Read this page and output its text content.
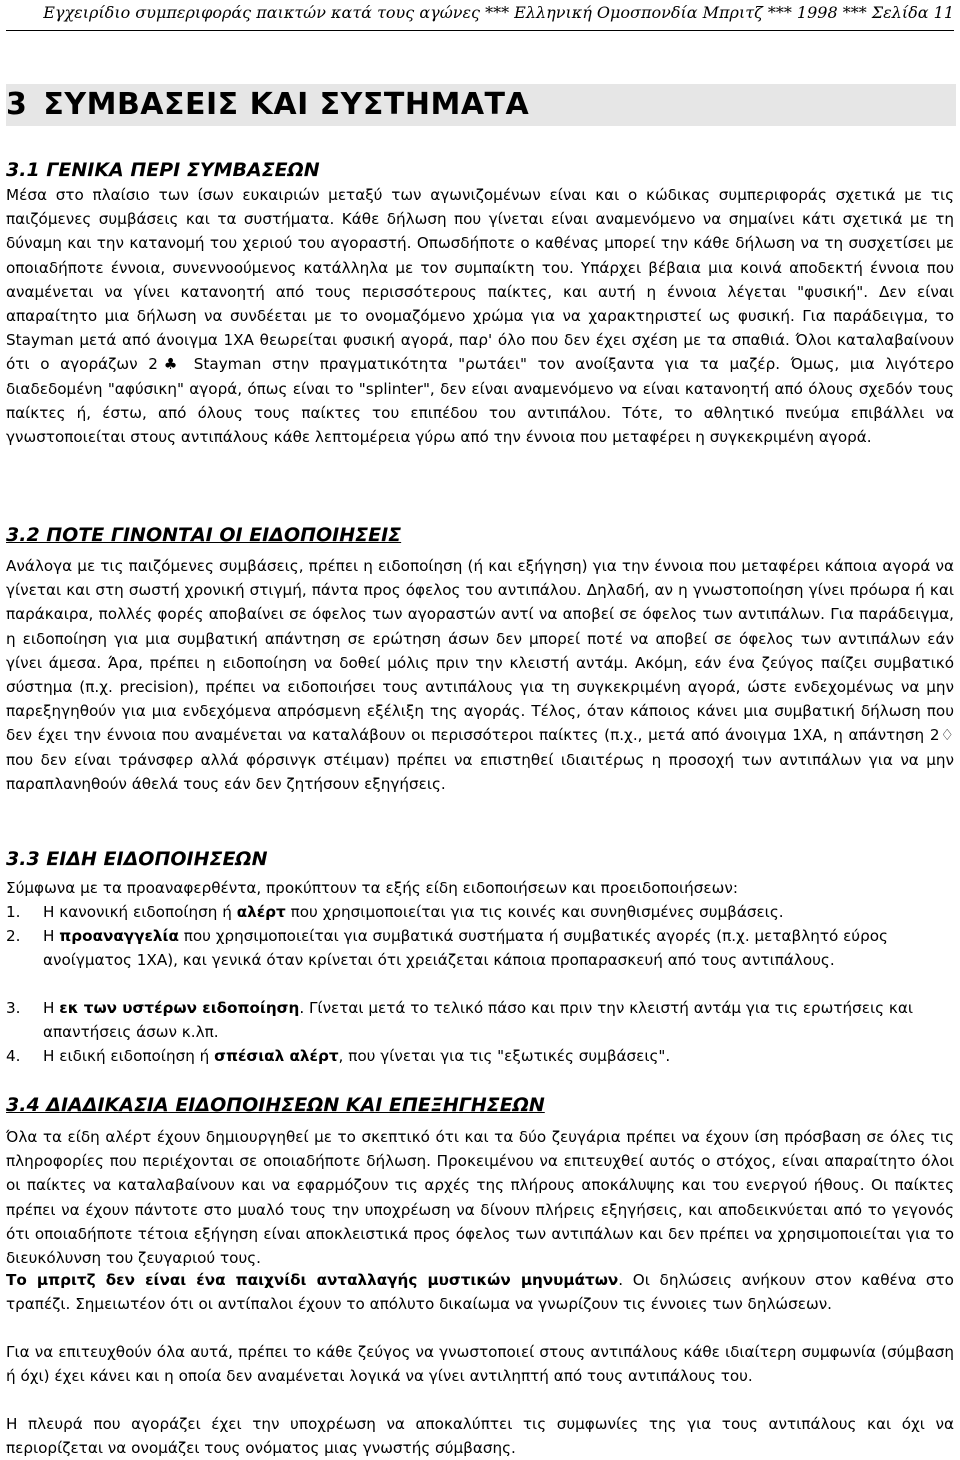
Εγχειρίδιο συμπεριφοράς παικτών κατά τους αγώνες *** Ελληνική Ομοσπονδία Μπριτζ *** 1998 *** Σελίδα 11
3 ΣΥΜΒΑΣΕΙΣ ΚΑΙ ΣΥΣΤΗΜΑΤΑ
3.1 ΓΕΝΙΚΑ ΠΕΡΙ ΣΥΜΒΑΣΕΩΝ
Μέσα στο πλαίσιο των ίσων ευκαιριών μεταξύ των αγωνιζομένων είναι και ο κώδικας συμπεριφοράς σχετικά με τις παιζόμενες συμβάσεις και τα συστήματα. Κάθε δήλωση που γίνεται είναι αναμενόμενο να σημαίνει κάτι σχετικά με τη δύναμη και την κατανομή του χεριού του αγοραστή. Οπωσδήποτε ο καθένας μπορεί την κάθε δήλωση να τη συσχετίσει με οποιαδήποτε έννοια, συνεννοούμενος κατάλληλα με τον συμπαίκτη του. Υπάρχει βέβαια μια κοινά αποδεκτή έννοια που αναμένεται να γίνει κατανοητή από τους περισσότερους παίκτες, και αυτή η έννοια λέγεται "φυσική". Δεν είναι απαραίτητο μια δήλωση να συνδέεται με το ονομαζόμενο χρώμα για να χαρακτηριστεί ως φυσική. Για παράδειγμα, το Stayman μετά από άνοιγμα 1ΧΑ θεωρείται φυσική αγορά, παρ' όλο που δεν έχει σχέση με τα σπαθιά. Όλοι καταλαβαίνουν ότι ο αγοράζων 2♣ Stayman στην πραγματικότητα "ρωτάει" τον ανοίξαντα για τα μαζέρ. Όμως, μια λιγότερο διαδεδομένη "αφύσικη" αγορά, όπως είναι το "splinter", δεν είναι αναμενόμενο να είναι κατανοητή από όλους σχεδόν τους παίκτες ή, έστω, από όλους τους παίκτες του επιπέδου του αντιπάλου. Τότε, το αθλητικό πνεύμα επιβάλλει να γνωστοποιείται στους αντιπάλους κάθε λεπτομέρεια γύρω από την έννοια που μεταφέρει η συγκεκριμένη αγορά.
3.2 ΠΟΤΕ ΓΙΝΟΝΤΑΙ ΟΙ ΕΙΔΟΠΟΙΗΣΕΙΣ
Ανάλογα με τις παιζόμενες συμβάσεις, πρέπει η ειδοποίηση (ή και εξήγηση) για την έννοια που μεταφέρει κάποια αγορά να γίνεται και στη σωστή χρονική στιγμή, πάντα προς όφελος του αντιπάλου. Δηλαδή, αν η γνωστοποίηση γίνει πρόωρα ή και παράκαιρα, πολλές φορές αποβαίνει σε όφελος των αγοραστών αντί να αποβεί σε όφελος των αντιπάλων. Για παράδειγμα, η ειδοποίηση για μια συμβατική απάντηση σε ερώτηση άσων δεν μπορεί ποτέ να αποβεί σε όφελος των αντιπάλων εάν γίνει άμεσα. Άρα, πρέπει η ειδοποίηση να δοθεί μόλις πριν την κλειστή αντάμ. Ακόμη, εάν ένα ζεύγος παίζει συμβατικό σύστημα (π.χ. precision), πρέπει να ειδοποιήσει τους αντιπάλους για τη συγκεκριμένη αγορά, ώστε ενδεχομένως να μην παρεξηγηθούν για μια ενδεχόμενα απρόσμενη εξέλιξη της αγοράς. Τέλος, όταν κάποιος κάνει μια συμβατική δήλωση που δεν έχει την έννοια που αναμένεται να καταλάβουν οι περισσότεροι παίκτες (π.χ., μετά από άνοιγμα 1ΧΑ, η απάντηση 2♢ που δεν είναι τράνσφερ αλλά φόρσινγκ στέιμαν) πρέπει να επιστηθεί ιδιαιτέρως η προσοχή των αντιπάλων για να μην παραπλανηθούν άθελά τους εάν δεν ζητήσουν εξηγήσεις.
3.3 ΕΙΔΗ ΕΙΔΟΠΟΙΗΣΕΩΝ
Σύμφωνα με τα προαναφερθέντα, προκύπτουν τα εξής είδη ειδοποιήσεων και προειδοποιήσεων:
1. Η κανονική ειδοποίηση ή αλέρτ που χρησιμοποιείται για τις κοινές και συνηθισμένες συμβάσεις.
2. Η προαναγγελία που χρησιμοποιείται για συμβατικά συστήματα ή συμβατικές αγορές (π.χ. μεταβλητό εύρος ανοίγματος 1ΧΑ), και γενικά όταν κρίνεται ότι χρειάζεται κάποια προπαρασκευή από τους αντιπάλους.
3. Η εκ των υστέρων ειδοποίηση. Γίνεται μετά το τελικό πάσο και πριν την κλειστή αντάμ για τις ερωτήσεις και απαντήσεις άσων κ.λπ.
4. Η ειδική ειδοποίηση ή σπέσιαλ αλέρτ, που γίνεται για τις "εξωτικές συμβάσεις".
3.4 ΔΙΑΔΙΚΑΣΙΑ ΕΙΔΟΠΟΙΗΣΕΩΝ ΚΑΙ ΕΠΕΞΗΓΗΣΕΩΝ
Όλα τα είδη αλέρτ έχουν δημιουργηθεί με το σκεπτικό ότι και τα δύο ζευγάρια πρέπει να έχουν ίση πρόσβαση σε όλες τις πληροφορίες που περιέχονται σε οποιαδήποτε δήλωση. Προκειμένου να επιτευχθεί αυτός ο στόχος, είναι απαραίτητο όλοι οι παίκτες να καταλαβαίνουν και να εφαρμόζουν τις αρχές της πλήρους αποκάλυψης και του ενεργού ήθους. Οι παίκτες πρέπει να έχουν πάντοτε στο μυαλό τους την υποχρέωση να δίνουν πλήρεις εξηγήσεις, και αποδεικνύεται από το γεγονός ότι οποιαδήποτε τέτοια εξήγηση είναι αποκλειστικά προς όφελος των αντιπάλων και δεν πρέπει να χρησιμοποιείται για το διευκόλυνση του ζευγαριού τους.
Το μπριτζ δεν είναι ένα παιχνίδι ανταλλαγής μυστικών μηνυμάτων. Οι δηλώσεις ανήκουν στον καθένα στο τραπέζι. Σημειωτέον ότι οι αντίπαλοι έχουν το απόλυτο δικαίωμα να γνωρίζουν τις έννοιες των δηλώσεων.
Για να επιτευχθούν όλα αυτά, πρέπει το κάθε ζεύγος να γνωστοποιεί στους αντιπάλους κάθε ιδιαίτερη συμφωνία (σύμβαση ή όχι) έχει κάνει και η οποία δεν αναμένεται λογικά να γίνει αντιληπτή από τους αντιπάλους του.
Η πλευρά που αγοράζει έχει την υποχρέωση να αποκαλύπτει τις συμφωνίες της για τους αντιπάλους και όχι να περιορίζεται να ονομάζει τους ονόματος μιας γνωστής σύμβασης.
